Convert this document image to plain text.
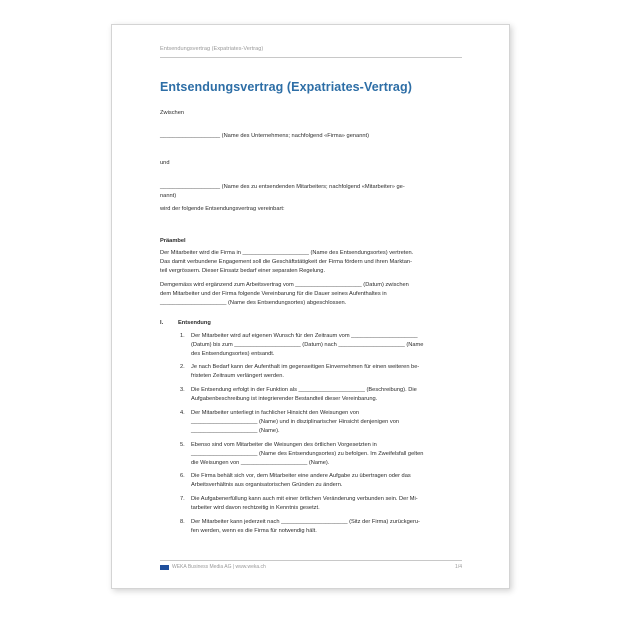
Entsendungsvertrag (Expatriates-Vertrag)
Entsendungsvertrag (Expatriates-Vertrag)
Zwischen
___________________ (Name des Unternehmens; nachfolgend «Firma» genannt)
und
___________________ (Name des zu entsendenden Mitarbeiters; nachfolgend «Mitarbeiter» ge-
nannt)
wird der folgende Entsendungsvertrag vereinbart:
Präambel
Der Mitarbeiter wird die Firma in _____________________ (Name des Entsendungsortes) vertreten.
Das damit verbundene Engagement soll die Geschäftstätigkeit der Firma fördern und ihren Marktan-
teil vergrössern. Dieser Einsatz bedarf einer separaten Regelung.
Demgemäss wird ergänzend zum Arbeitsvertrag vom _____________________ (Datum) zwischen
dem Mitarbeiter und der Firma folgende Vereinbarung für die Dauer seines Aufenthaltes in
_____________________ (Name des Entsendungsortes) abgeschlossen.
I.	Entsendung
1. Der Mitarbeiter wird auf eigenen Wunsch für den Zeitraum vom _____________________
(Datum) bis zum _____________________ (Datum) nach _____________________ (Name
des Entsendungsortes) entsandt.
2. Je nach Bedarf kann der Aufenthalt im gegenseitigen Einvernehmen für einen weiteren be-
fristeten Zeitraum verlängert werden.
3. Die Entsendung erfolgt in der Funktion als _____________________ (Beschreibung). Die
Aufgabenbeschreibung ist integrierender Bestandteil dieser Vereinbarung.
4. Der Mitarbeiter unterliegt in fachlicher Hinsicht den Weisungen von
_____________________ (Name) und in disziplinarischer Hinsicht denjenigen von
_____________________ (Name).
5. Ebenso sind vom Mitarbeiter die Weisungen des örtlichen Vorgesetzten in
_____________________ (Name des Entsendungsortes) zu befolgen. Im Zweifelsfall gelten
die Weisungen von _____________________ (Name).
6. Die Firma behält sich vor, dem Mitarbeiter eine andere Aufgabe zu übertragen oder das
Arbeitsverhältnis aus organisatorischen Gründen zu ändern.
7. Die Aufgabenerfüllung kann auch mit einer örtlichen Veränderung verbunden sein. Der Mi-
tarbeiter wird davon rechtzeitig in Kenntnis gesetzt.
8. Der Mitarbeiter kann jederzeit nach _____________________ (Sitz der Firma) zurückgeru-
fen werden, wenn es die Firma für notwendig hält.
WEKA Business Media AG | www.weka.ch	1/4
